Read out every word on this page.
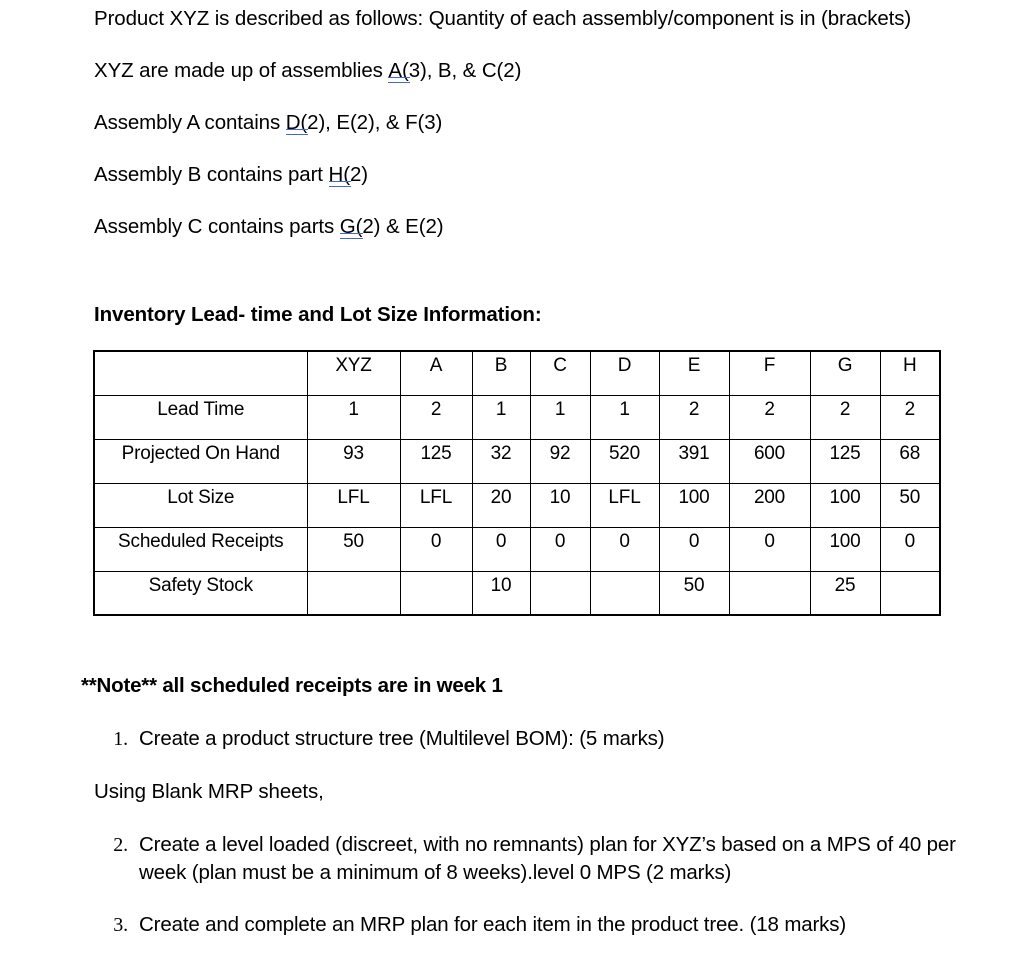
Product XYZ is described as follows: Quantity of each assembly/component is in (brackets)

XYZ are made up of assemblies A(3), B, & C(2)

Assembly A contains D(2), E(2), & F(3)

Assembly B contains part H(2)

Assembly C contains parts G(2) & E(2)

Inventory Lead- time and Lot Size Information:
	XYZ	A	B	C	D	E	F	G	H
Lead Time	1	2	1	1	1	2	2	2	2
Projected On Hand	93	125	32	92	520	391	600	125	68
Lot Size	LFL	LFL	20	10	LFL	100	200	100	50
Scheduled Receipts	50	0	0	0	0	0	0	100	0
Safety Stock			10			50		25	
**Note** all scheduled receipts are in week 1
1. Create a product structure tree (Multilevel BOM): (5 marks)
Using Blank MRP sheets,
2. Create a level loaded (discreet, with no remnants) plan for XYZ’s based on a MPS of 40 per week (plan must be a minimum of 8 weeks).level 0 MPS (2 marks)
3. Create and complete an MRP plan for each item in the product tree. (18 marks)
